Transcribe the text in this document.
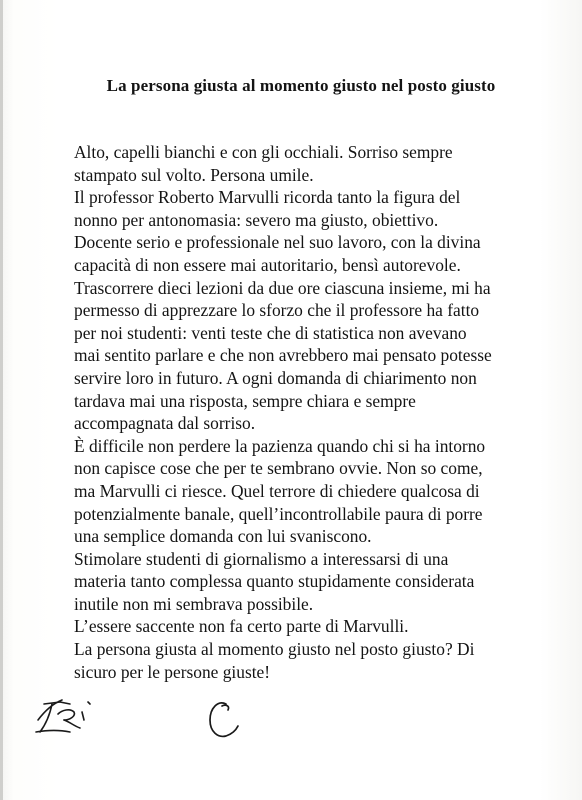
La persona giusta al momento giusto nel posto giusto
Alto, capelli bianchi e con gli occhiali. Sorriso sempre
stampato sul volto. Persona umile.
Il professor Roberto Marvulli ricorda tanto la figura del
nonno per antonomasia: severo ma giusto, obiettivo.
Docente serio e professionale nel suo lavoro, con la divina
capacità di non essere mai autoritario, bensì autorevole.
Trascorrere dieci lezioni da due ore ciascuna insieme, mi ha
permesso di apprezzare lo sforzo che il professore ha fatto
per noi studenti: venti teste che di statistica non avevano
mai sentito parlare e che non avrebbero mai pensato potesse
servire loro in futuro. A ogni domanda di chiarimento non
tardava mai una risposta, sempre chiara e sempre
accompagnata dal sorriso.
È difficile non perdere la pazienza quando chi si ha intorno
non capisce cose che per te sembrano ovvie. Non so come,
ma Marvulli ci riesce. Quel terrore di chiedere qualcosa di
potenzialmente banale, quell’incontrollabile paura di porre
una semplice domanda con lui svaniscono.
Stimolare studenti di giornalismo a interessarsi di una
materia tanto complessa quanto stupidamente considerata
inutile non mi sembrava possibile.
L’essere saccente non fa certo parte di Marvulli.
La persona giusta al momento giusto nel posto giusto? Di
sicuro per le persone giuste!
